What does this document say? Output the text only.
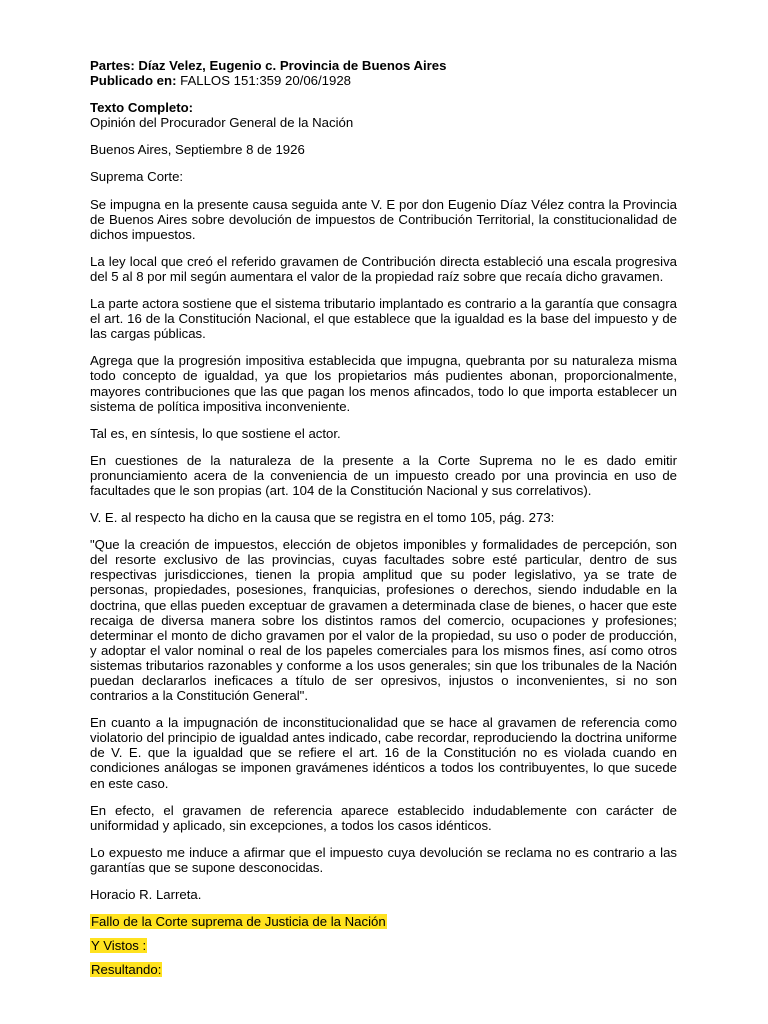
Partes: Díaz Velez, Eugenio c. Provincia de Buenos Aires

Publicado en: FALLOS 151:359 20/06/1928

Texto Completo:

Opinión del Procurador General de la Nación

Buenos Aires, Septiembre 8 de 1926

Suprema Corte:

Se impugna en la presente causa seguida ante V. E por don Eugenio Díaz Vélez contra la Provincia de Buenos Aires sobre devolución de impuestos de Contribución Territorial, la constitucionalidad de dichos impuestos.

La ley local que creó el referido gravamen de Contribución directa estableció una escala progresiva del 5 al 8 por mil según aumentara el valor de la propiedad raíz sobre que recaía dicho gravamen.

La parte actora sostiene que el sistema tributario implantado es contrario a la garantía que consagra el art. 16 de la Constitución Nacional, el que establece que la igualdad es la base del impuesto y de las cargas públicas.

Agrega que la progresión impositiva establecida que impugna, quebranta por su naturaleza misma todo concepto de igualdad, ya que los propietarios más pudientes abonan, proporcionalmente, mayores contribuciones que las que pagan los menos afincados, todo lo que importa establecer un sistema de política impositiva inconveniente.

Tal es, en síntesis, lo que sostiene el actor.

En cuestiones de la naturaleza de la presente a la Corte Suprema no le es dado emitir pronunciamiento acera de la conveniencia de un impuesto creado por una provincia en uso de facultades que le son propias (art. 104 de la Constitución Nacional y sus correlativos).

V. E. al respecto ha dicho en la causa que se registra en el tomo 105, pág. 273:

"Que la creación de impuestos, elección de objetos imponibles y formalidades de percepción, son del resorte exclusivo de las provincias, cuyas facultades sobre esté particular, dentro de sus respectivas jurisdicciones, tienen la propia amplitud que su poder legislativo, ya se trate de personas, propiedades, posesiones, franquicias, profesiones o derechos, siendo indudable en la doctrina, que ellas pueden exceptuar de gravamen a determinada clase de bienes, o hacer que este recaiga de diversa manera sobre los distintos ramos del comercio, ocupaciones y profesiones; determinar el monto de dicho gravamen por el valor de la propiedad, su uso o poder de producción, y adoptar el valor nominal o real de los papeles comerciales para los mismos fines, así como otros sistemas tributarios razonables y conforme a los usos generales; sin que los tribunales de la Nación puedan declararlos ineficaces a título de ser opresivos, injustos o inconvenientes, si no son contrarios a la Constitución General".

En cuanto a la impugnación de inconstitucionalidad que se hace al gravamen de referencia como violatorio del principio de igualdad antes indicado, cabe recordar, reproduciendo la doctrina uniforme de V. E. que la igualdad que se refiere el art. 16 de la Constitución no es violada cuando en condiciones análogas se imponen gravámenes idénticos a todos los contribuyentes, lo que sucede en este caso.

En efecto, el gravamen de referencia aparece establecido indudablemente con carácter de uniformidad y aplicado, sin excepciones, a todos los casos idénticos.

Lo expuesto me induce a afirmar que el impuesto cuya devolución se reclama no es contrario a las garantías que se supone desconocidas.

Horacio R. Larreta.

Fallo de la Corte suprema de Justicia de la Nación

Y Vistos :

Resultando:
